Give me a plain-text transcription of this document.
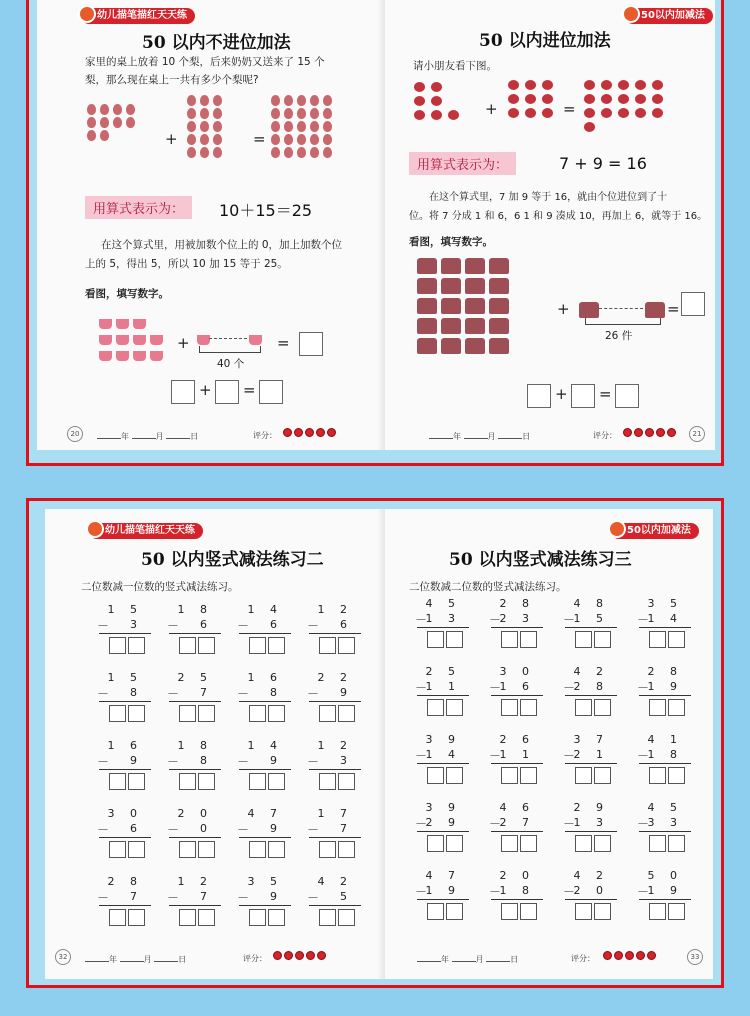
幼儿描笔描红天天练
50 以内不进位加法
家里的桌上放着 10 个梨，后来奶奶又送来了 15 个
梨，那么现在桌上一共有多少个梨呢?

+	=

用算式表示为：	10＋15＝25
在这个算式里，用被加数个位上的 0，加上加数个位
上的 5，得出 5，所以 10 加 15 等于 25。
看图，填写数字。

+
40 个
=
+ =
20	年	月	日	评分：
50以内加减法
50 以内进位加法
请小朋友看下图。

+	=

用算式表示为：	7 + 9 = 16
在这个算式里，7 加 9 等于 16，就由个位进位到了十
位。将 7 分成 1 和 6，6 1 和 9 凑成 10，再加上 6，就等于 16。
看图，填写数字。

+
26 件
=
+ =
年	月	日	评分：	21
幼儿描笔描红天天练
50 以内竖式减法练习二
二位数减一位数的竖式减法练习。
1 5
－ 3
1 8
－ 6
1 4
－ 6
1 2
－ 6
1 5
－ 8
2 5
－ 7
1 6
－ 8
2 2
－ 9
1 6
－ 9
1 8
－ 8
1 4
－ 9
1 2
－ 3
3 0
－ 6
2 0
－ 0
4 7
－ 9
1 7
－ 7
2 8
－ 7
1 2
－ 7
3 5
－ 9
4 2
－ 5
32	年	月	日	评分：
50以内加减法
50 以内竖式减法练习三
二位数减二位数的竖式减法练习。
4 5
－
1 3
2 8
－
2 3
4 8
－
1 5
3 5
－
1 4
2 5
－
1 1
3 0
－
1 6
4 2
－
2 8
2 8
－
1 9
3 9
－
1 4
2 6
－
1 1
3 7
－
2 1
4 1
－
1 8
3 9
－
2 9
4 6
－
2 7
2 9
－
1 3
4 5
－
3 3
4 7
－
1 9
2 0
－
1 8
4 2
－
2 0
5 0
－
1 9
年	月	日	评分：	33
